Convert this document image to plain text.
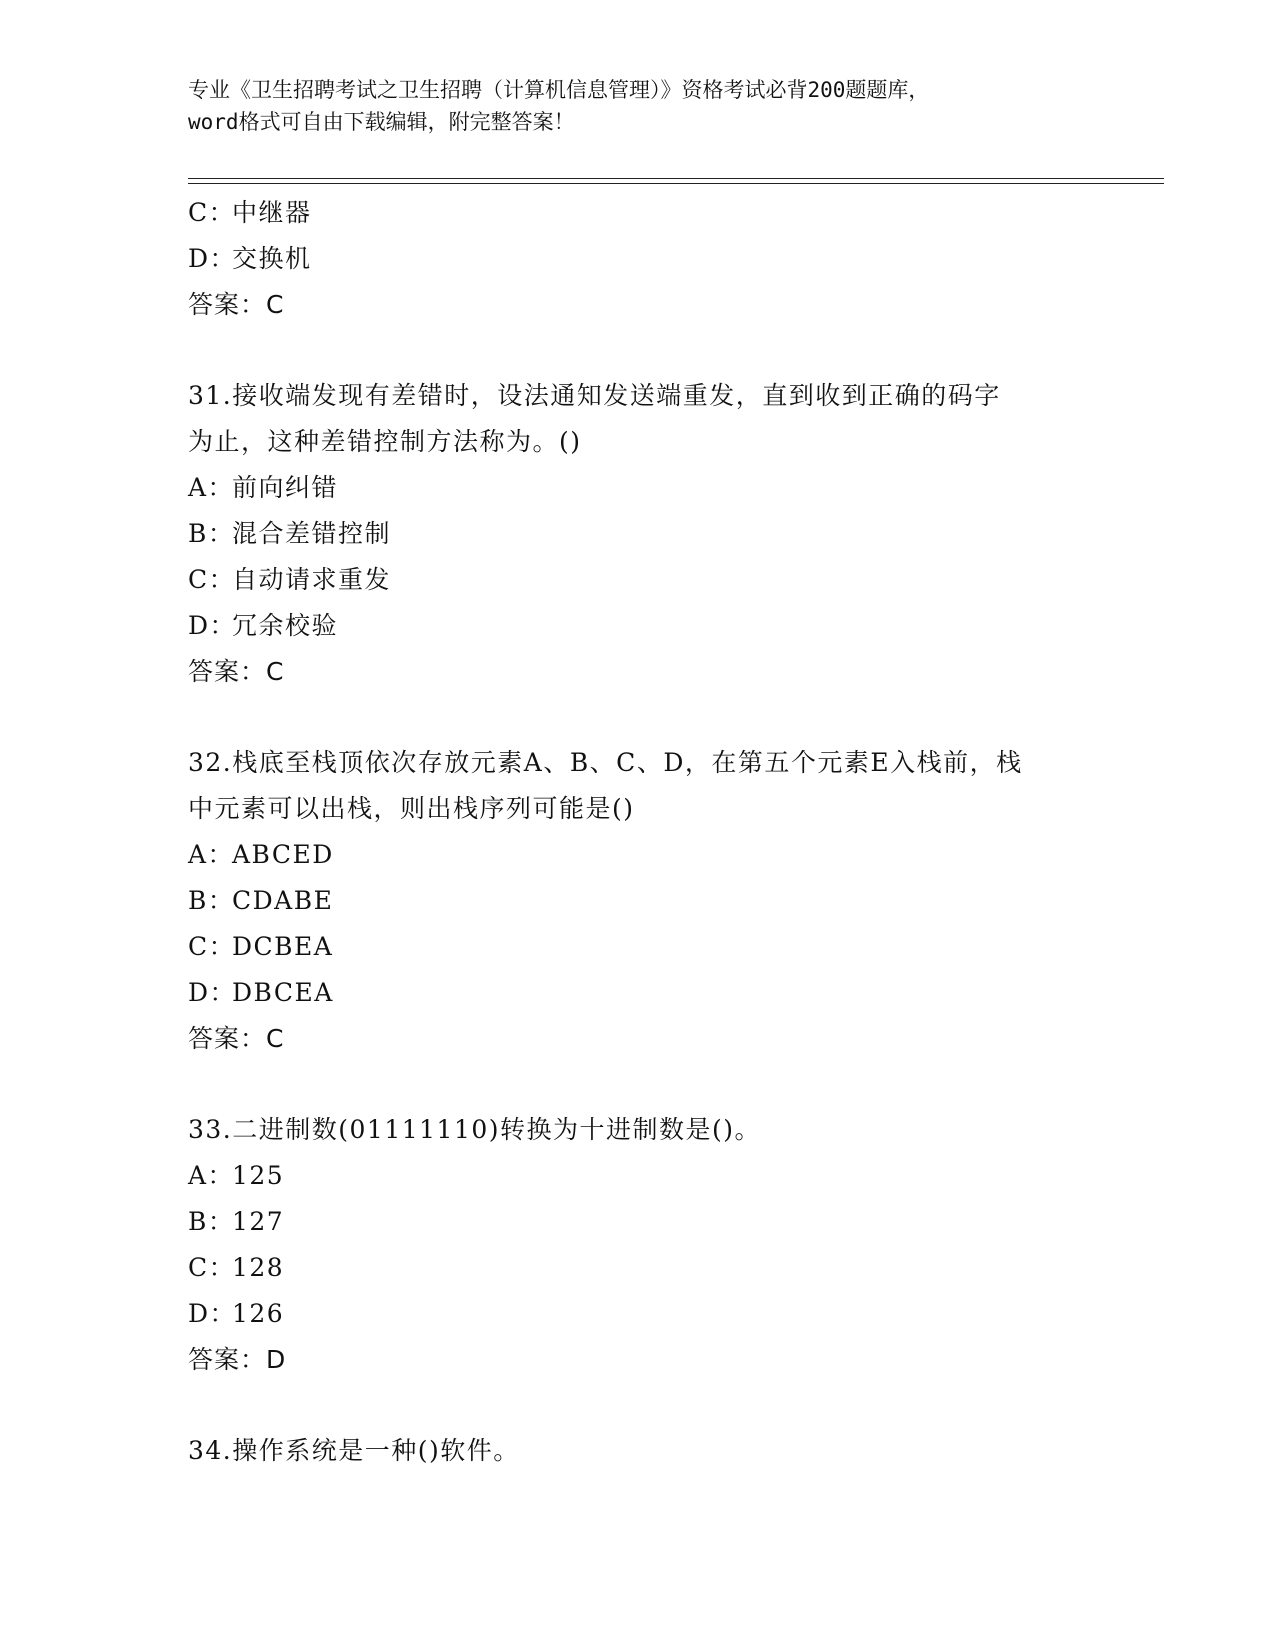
专业《卫生招聘考试之卫生招聘（计算机信息管理）》资格考试必背200题题库，
word格式可自由下载编辑，附完整答案！
C：中继器
D：交换机
答案：C
31.接收端发现有差错时，设法通知发送端重发，直到收到正确的码字
为止，这种差错控制方法称为。()
A：前向纠错
B：混合差错控制
C：自动请求重发
D：冗余校验
答案：C
32.栈底至栈顶依次存放元素A、B、C、D，在第五个元素E入栈前，栈
中元素可以出栈，则出栈序列可能是()
A：ABCED
B：CDABE
C：DCBEA
D：DBCEA
答案：C
33.二进制数(01111110)转换为十进制数是()。
A：125
B：127
C：128
D：126
答案：D
34.操作系统是一种()软件。
